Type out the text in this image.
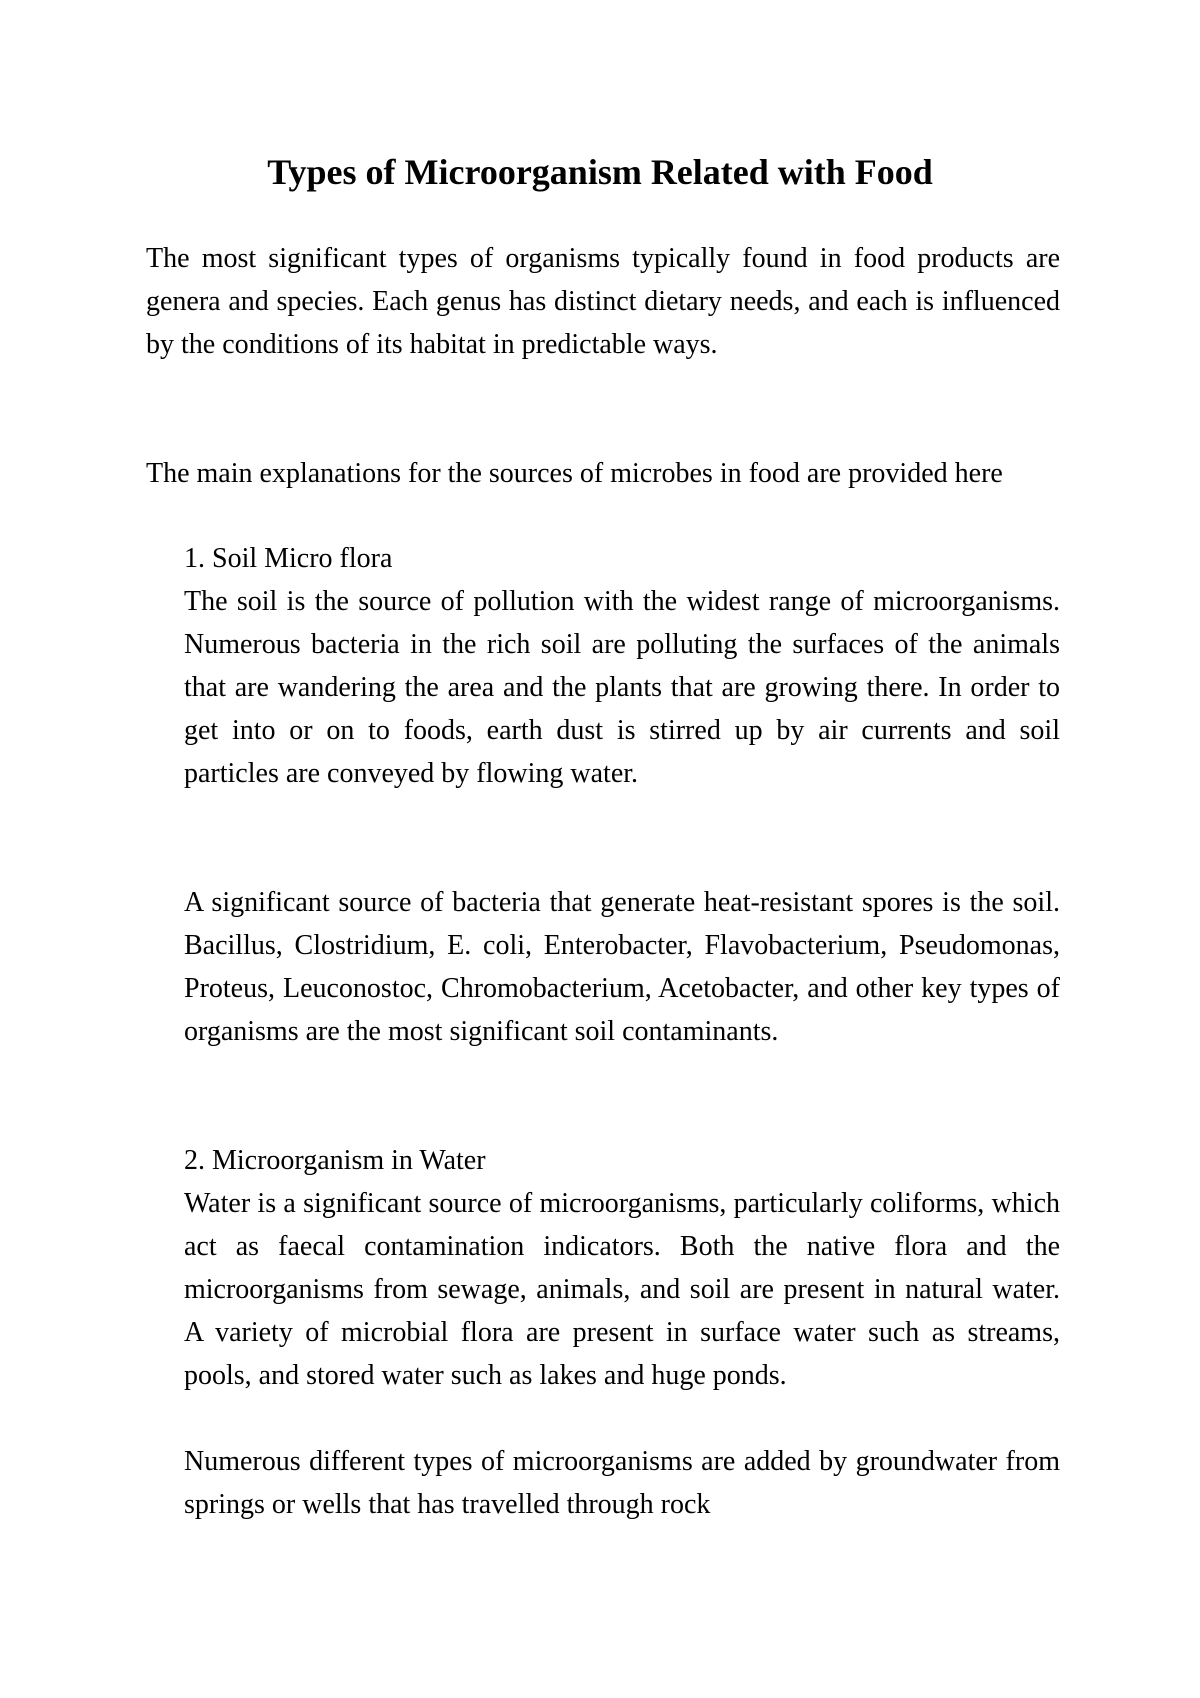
Types of Microorganism Related with Food

The most significant types of organisms typically found in food products are genera and species. Each genus has distinct dietary needs, and each is influenced by the conditions of its habitat in predictable ways.

The main explanations for the sources of microbes in food are provided here

1. Soil Micro flora

The soil is the source of pollution with the widest range of microorganisms. Numerous bacteria in the rich soil are polluting the surfaces of the animals that are wandering the area and the plants that are growing there. In order to get into or on to foods, earth dust is stirred up by air currents and soil particles are conveyed by flowing water.

A significant source of bacteria that generate heat-resistant spores is the soil. Bacillus, Clostridium, E. coli, Enterobacter, Flavobacterium, Pseudomonas, Proteus, Leuconostoc, Chromobacterium, Acetobacter, and other key types of organisms are the most significant soil contaminants.

2. Microorganism in Water

Water is a significant source of microorganisms, particularly coliforms, which act as faecal contamination indicators. Both the native flora and the microorganisms from sewage, animals, and soil are present in natural water. A variety of microbial flora are present in surface water such as streams, pools, and stored water such as lakes and huge ponds.

Numerous different types of microorganisms are added by groundwater from springs or wells that has travelled through rock
